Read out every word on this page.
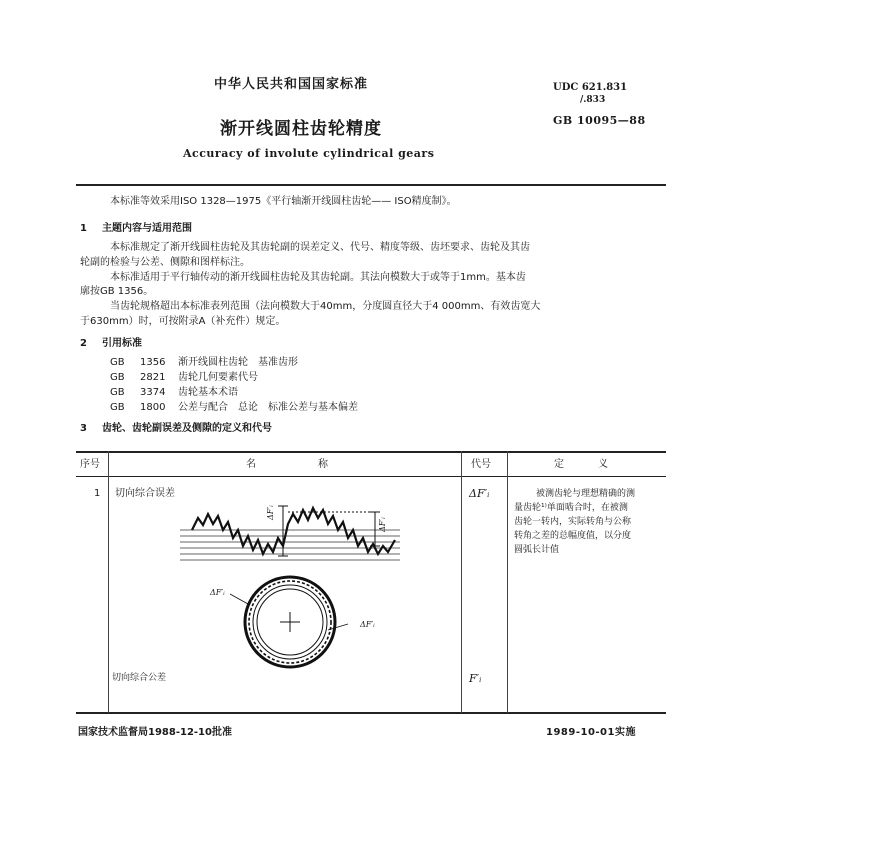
中华人民共和国国家标准
渐开线圆柱齿轮精度
Accuracy of involute cylindrical gears
UDC 621.831
/.833
GB 10095—88
本标准等效采用ISO 1328—1975《平行轴渐开线圆柱齿轮—— ISO精度制》。
1 主题内容与适用范围
本标准规定了渐开线圆柱齿轮及其齿轮副的误差定义、代号、精度等级、齿坯要求、齿轮及其齿
轮副的检验与公差、侧隙和图样标注。
本标准适用于平行轴传动的渐开线圆柱齿轮及其齿轮副。其法向模数大于或等于1mm。基本齿
廓按GB 1356。
当齿轮规格超出本标准表列范围（法向模数大于40mm，分度圆直径大于4 000mm、有效齿宽大
于630mm）时，可按附录A（补充件）规定。
2 引用标准
GB 1356 渐开线圆柱齿轮　基准齿形
GB 2821 齿轮几何要素代号
GB 3374 齿轮基本术语
GB 1800 公差与配合　总论　标准公差与基本偏差
3 齿轮、齿轮副误差及侧隙的定义和代号
序号	名	称	代号	定	义
1 切向综合误差	ΔF′ᵢ	被测齿轮与理想精确的测
量齿轮¹⁾单面啮合时，在被测
齿轮一转内，实际转角与公称
转角之差的总幅度值，以分度
圆弧长计值
ΔF′ᵢ
ΔF′ᵢ
ΔF′ᵢ
ΔF′ᵢ
切向综合公差	F′ᵢ
国家技术监督局1988-12-10批准	1989-10-01实施
